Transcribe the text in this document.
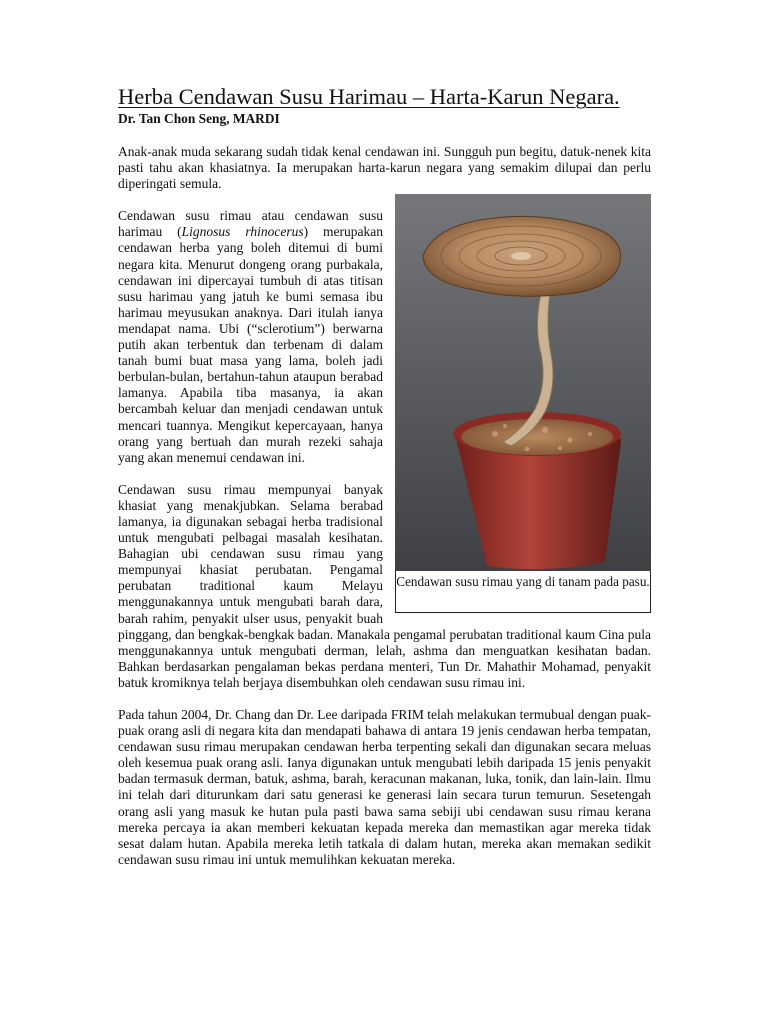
Herba Cendawan Susu Harimau – Harta-Karun Negara.
Dr. Tan Chon Seng, MARDI

Anak-anak muda sekarang sudah tidak kenal cendawan ini. Sungguh pun begitu, datuk-nenek kita pasti tahu akan khasiatnya. Ia merupakan harta-karun negara yang semakim dilupai dan perlu diperingati semula.

Cendawan susu rimau yang di tanam pada pasu.

Cendawan susu rimau atau cendawan susu harimau (Lignosus rhinocerus) merupakan cendawan herba yang boleh ditemui di bumi negara kita. Menurut dongeng orang purbakala, cendawan ini dipercayai tumbuh di atas titisan susu harimau yang jatuh ke bumi semasa ibu harimau meyusukan anaknya. Dari itulah ianya mendapat nama. Ubi (“sclerotium”) berwarna putih akan terbentuk dan terbenam di dalam tanah bumi buat masa yang lama, boleh jadi berbulan-bulan, bertahun-tahun ataupun berabad lamanya. Apabila tiba masanya, ia akan bercambah keluar dan menjadi cendawan untuk mencari tuannya. Mengikut kepercayaan, hanya orang yang bertuah dan murah rezeki sahaja yang akan menemui cendawan ini.

Cendawan susu rimau mempunyai banyak khasiat yang menakjubkan. Selama berabad lamanya, ia digunakan sebagai herba tradisional untuk mengubati pelbagai masalah kesihatan. Bahagian ubi cendawan susu rimau yang mempunyai khasiat perubatan. Pengamal perubatan traditional kaum Melayu menggunakannya untuk mengubati barah dara, barah rahim, penyakit ulser usus, penyakit buah pinggang, dan bengkak-bengkak badan. Manakala pengamal perubatan traditional kaum Cina pula menggunakannya untuk mengubati derman, lelah, ashma dan menguatkan kesihatan badan. Bahkan berdasarkan pengalaman bekas perdana menteri, Tun Dr. Mahathir Mohamad, penyakit batuk kromiknya telah berjaya disembuhkan oleh cendawan susu rimau ini.

Pada tahun 2004, Dr. Chang dan Dr. Lee daripada FRIM telah melakukan termubual dengan puak-puak orang asli di negara kita dan mendapati bahawa di antara 19 jenis cendawan herba tempatan, cendawan susu rimau merupakan cendawan herba terpenting sekali dan digunakan secara meluas oleh kesemua puak orang asli. Ianya digunakan untuk mengubati lebih daripada 15 jenis penyakit badan termasuk derman, batuk, ashma, barah, keracunan makanan, luka, tonik, dan lain-lain. Ilmu ini telah dari diturunkam dari satu generasi ke generasi lain secara turun temurun. Sesetengah orang asli yang masuk ke hutan pula pasti bawa sama sebiji ubi cendawan susu rimau kerana mereka percaya ia akan memberi kekuatan kepada mereka dan memastikan agar mereka tidak sesat dalam hutan. Apabila mereka letih tatkala di dalam hutan, mereka akan memakan sedikit cendawan susu rimau ini untuk memulihkan kekuatan mereka.
